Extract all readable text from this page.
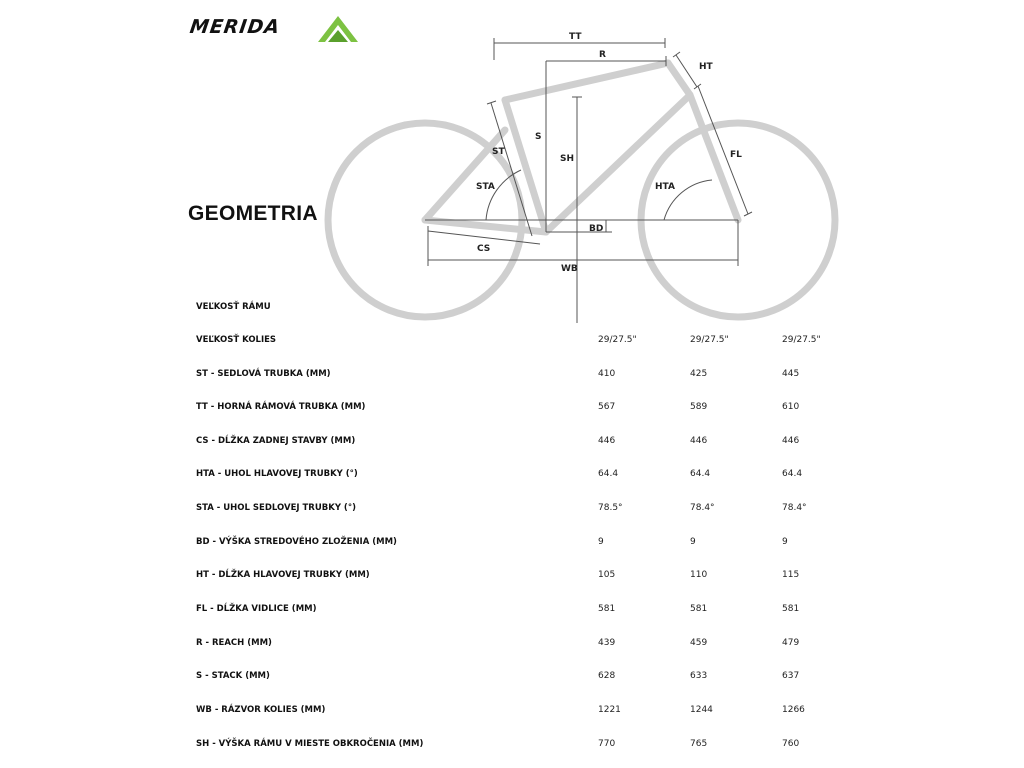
MERIDA
GEOMETRIA
TT
R
HT
S
ST
SH	FL
STA	HTA
BD
CS
WB
VEĽKOSŤ RÁMU
VEĽKOSŤ KOLIES	29/27.5"	29/27.5"	29/27.5"
ST - SEDLOVÁ TRUBKA (MM)	410	425	445
TT - HORNÁ RÁMOVÁ TRUBKA (MM)	567	589	610
CS - DĹŽKA ZADNEJ STAVBY (MM)	446	446	446
HTA - UHOL HLAVOVEJ TRUBKY (°)	64.4	64.4	64.4
STA - UHOL SEDLOVEJ TRUBKY (°)	78.5°	78.4°	78.4°
BD - VÝŠKA STREDOVÉHO ZLOŽENIA (MM)	9	9	9
HT - DĹŽKA HLAVOVEJ TRUBKY (MM)	105	110	115
FL - DĹŽKA VIDLICE (MM)	581	581	581
R - REACH (MM)	439	459	479
S - STACK (MM)	628	633	637
WB - RÁZVOR KOLIES (MM)	1221	1244	1266
SH - VÝŠKA RÁMU V MIESTE OBKROČENIA (MM)	770	765	760
